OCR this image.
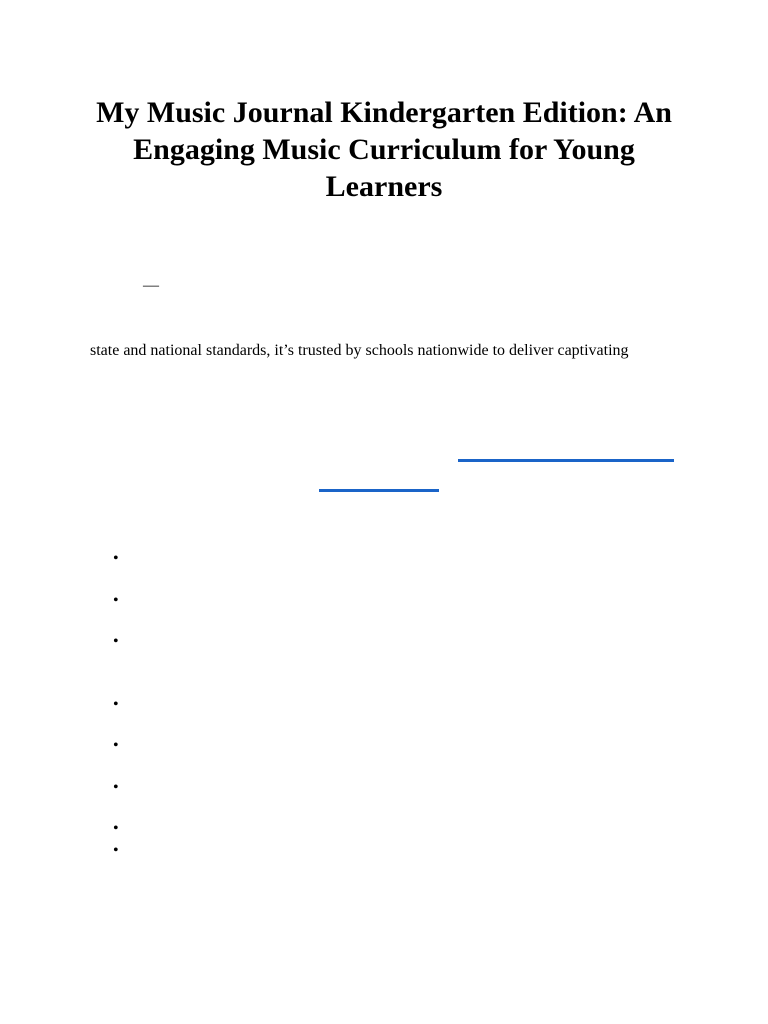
My Music Journal Kindergarten Edition: An Engaging Music Curriculum for Young Learners
—
state and national standards, it’s trusted by schools nationwide to deliver captivating
•
•
•
•
•
•
•
•
